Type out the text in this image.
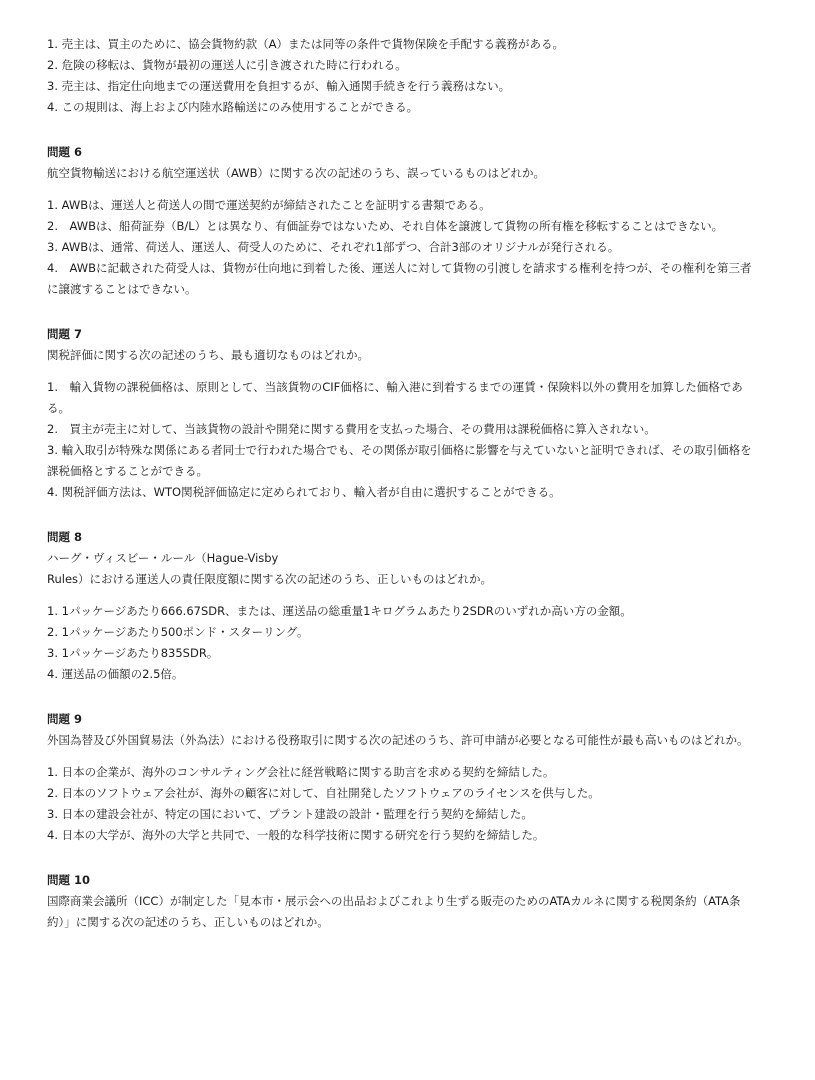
1. 売主は、買主のために、協会貨物約款（A）または同等の条件で貨物保険を手配する義務がある。
2. 危険の移転は、貨物が最初の運送人に引き渡された時に行われる。
3. 売主は、指定仕向地までの運送費用を負担するが、輸入通関手続きを行う義務はない。
4. この規則は、海上および内陸水路輸送にのみ使用することができる。
問題 6
航空貨物輸送における航空運送状（AWB）に関する次の記述のうち、誤っているものはどれか。
1. AWBは、運送人と荷送人の間で運送契約が締結されたことを証明する書類である。
2.　AWBは、船荷証券（B/L）とは異なり、有価証券ではないため、それ自体を譲渡して貨物の所有権を移転することはできない。
3. AWBは、通常、荷送人、運送人、荷受人のために、それぞれ1部ずつ、合計3部のオリジナルが発行される。
4.　AWBに記載された荷受人は、貨物が仕向地に到着した後、運送人に対して貨物の引渡しを請求する権利を持つが、その権利を第三者に譲渡することはできない。
問題 7
関税評価に関する次の記述のうち、最も適切なものはどれか。
1.　輸入貨物の課税価格は、原則として、当該貨物のCIF価格に、輸入港に到着するまでの運賃・保険料以外の費用を加算した価格である。
2.　買主が売主に対して、当該貨物の設計や開発に関する費用を支払った場合、その費用は課税価格に算入されない。
3. 輸入取引が特殊な関係にある者同士で行われた場合でも、その関係が取引価格に影響を与えていないと証明できれば、その取引価格を課税価格とすることができる。
4. 関税評価方法は、WTO関税評価協定に定められており、輸入者が自由に選択することができる。
問題 8
ハーグ・ヴィスビー・ルール（Hague-Visby
Rules）における運送人の責任限度額に関する次の記述のうち、正しいものはどれか。
1. 1パッケージあたり666.67SDR、または、運送品の総重量1キログラムあたり2SDRのいずれか高い方の金額。
2. 1パッケージあたり500ポンド・スターリング。
3. 1パッケージあたり835SDR。
4. 運送品の価額の2.5倍。
問題 9
外国為替及び外国貿易法（外為法）における役務取引に関する次の記述のうち、許可申請が必要となる可能性が最も高いものはどれか。
1. 日本の企業が、海外のコンサルティング会社に経営戦略に関する助言を求める契約を締結した。
2. 日本のソフトウェア会社が、海外の顧客に対して、自社開発したソフトウェアのライセンスを供与した。
3. 日本の建設会社が、特定の国において、プラント建設の設計・監理を行う契約を締結した。
4. 日本の大学が、海外の大学と共同で、一般的な科学技術に関する研究を行う契約を締結した。
問題 10
国際商業会議所（ICC）が制定した「見本市・展示会への出品およびこれより生ずる販売のためのATAカルネに関する税関条約（ATA条約）」に関する次の記述のうち、正しいものはどれか。
